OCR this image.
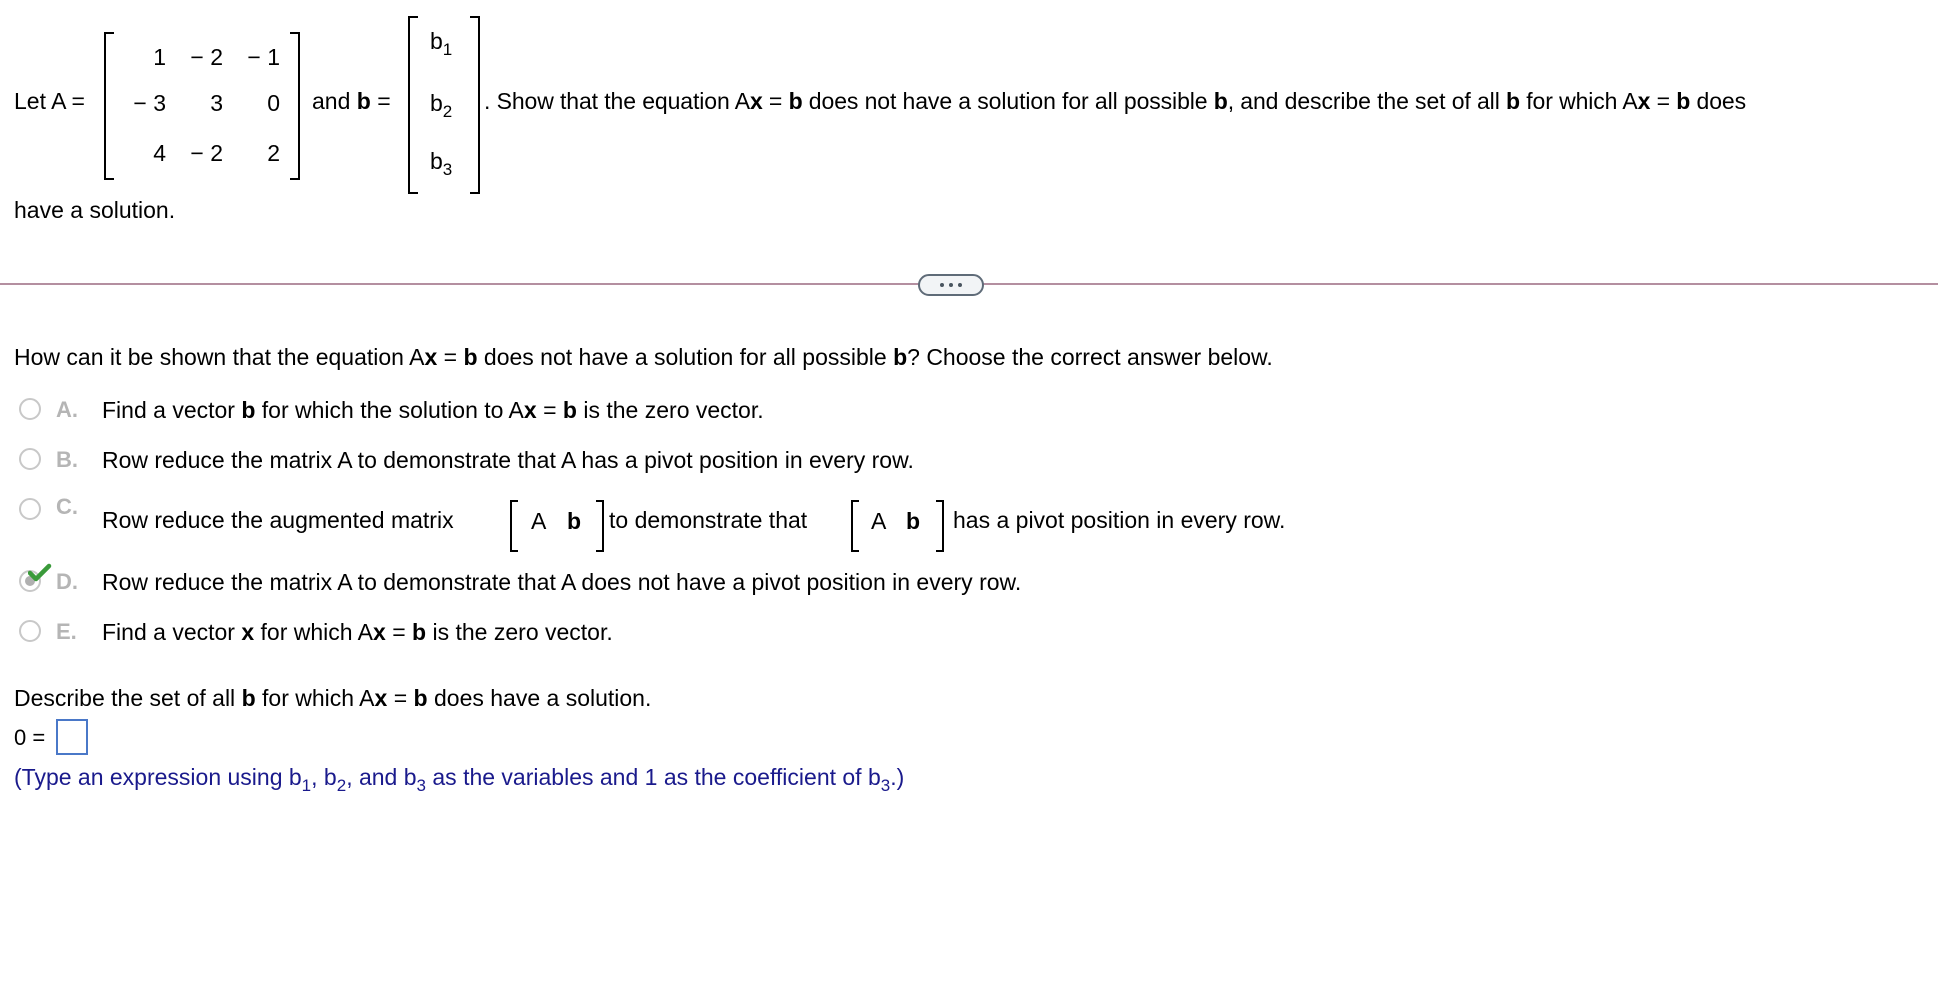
Let A =
1	− 2	− 1
− 3	3	0
4	− 2	2
and b =
$b_1$
$b_2$
$b_3$
. Show that the equation Ax = b does not have a solution for all possible b, and describe the set of all b for which Ax = b does
have a solution.
How can it be shown that the equation Ax = b does not have a solution for all possible b? Choose the correct answer below.
A. Find a vector b for which the solution to Ax = b is the zero vector.
B. Row reduce the matrix A to demonstrate that A has a pivot position in every row.
C.
Row reduce the augmented matrix	A b to demonstrate that	A b has a pivot position in every row.
D. Row reduce the matrix A to demonstrate that A does not have a pivot position in every row.
E. Find a vector x for which Ax = b is the zero vector.
Describe the set of all b for which Ax = b does have a solution.
0 =
(Type an expression using $b_1$, $b_2$, and $b_3$ as the variables and 1 as the coefficient of $b_3$.)
